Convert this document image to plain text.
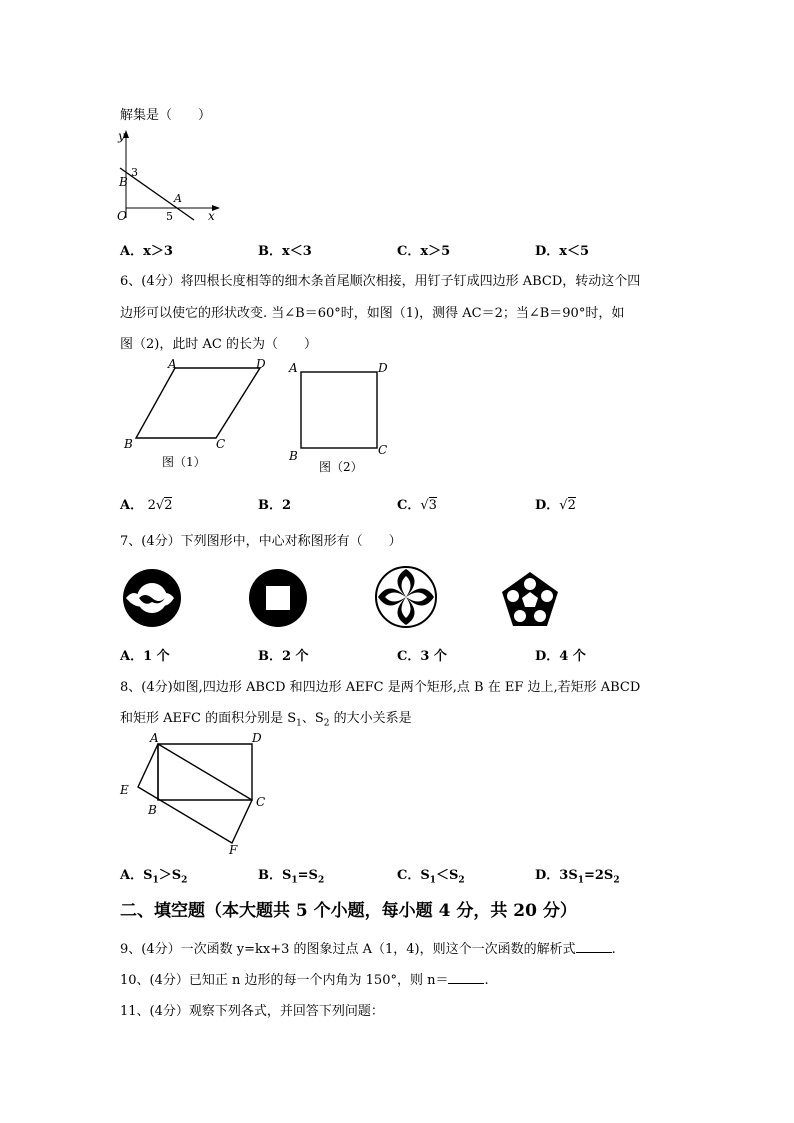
解集是（　　）
y
x
O
B
A
3
5
A．x＞3	B．x＜3	C．x＞5	D．x＜5
6、(4分）将四根长度相等的细木条首尾顺次相接，用钉子钉成四边形 ABCD，转动这个四
边形可以使它的形状改变. 当∠B＝60°时，如图（1)，测得 AC＝2；当∠B＝90°时，如
图（2)，此时 AC 的长为（　　）
A	D
B	C
图（1）
A	D
B	C
图（2）
A． 2√2	B．2	C．√3	D．√2
7、(4分）下列图形中，中心对称图形有（　　）
A．1 个	B．2 个	C．3 个	D．4 个
8、(4分)如图,四边形 ABCD 和四边形 AEFC 是两个矩形,点 B 在 EF 边上,若矩形 ABCD
和矩形 AEFC 的面积分别是 $S_1$、$S_2$ 的大小关系是
A	D
E
B
C
F
A．$S_1>S_2$	B．$S_1=S_2$	C．$S_1<S_2$	D．$3S_1=2S_2$
二、填空题（本大题共 5 个小题，每小题 4 分，共 20 分）
9、(4分）一次函数 y=kx+3 的图象过点 A（1，4)，则这个一次函数的解析式	.
10、(4分）已知正 n 边形的每一个内角为 150°，则 n＝	.
11、(4分）观察下列各式，并回答下列问题：
